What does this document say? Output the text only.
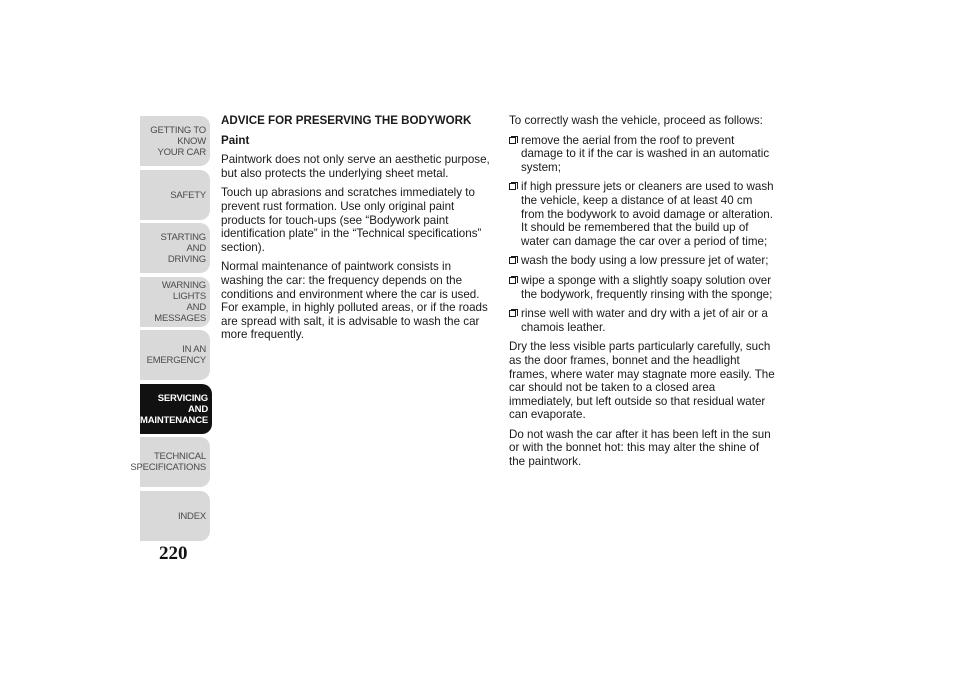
GETTING TO KNOW
YOUR CAR
SAFETY
STARTING AND
DRIVING
WARNING LIGHTS
AND MESSAGES
IN AN EMERGENCY
SERVICING AND
MAINTENANCE
TECHNICAL
SPECIFICATIONS
INDEX
220
ADVICE FOR PRESERVING THE BODYWORK
Paint

Paintwork does not only serve an aesthetic purpose, but also protects the underlying sheet metal.

Touch up abrasions and scratches immediately to prevent rust formation. Use only original paint products for touch-ups (see “Bodywork paint identification plate” in the “Technical specifications” section).

Normal maintenance of paintwork consists in washing the car: the frequency depends on the conditions and environment where the car is used. For example, in highly polluted areas, or if the roads are spread with salt, it is advisable to wash the car more frequently.

To correctly wash the vehicle, proceed as follows:

remove the aerial from the roof to prevent damage to it if the car is washed in an automatic system;
if high pressure jets or cleaners are used to wash the vehicle, keep a distance of at least 40 cm from the bodywork to avoid damage or alteration. It should be remembered that the build up of water can damage the car over a period of time;
wash the body using a low pressure jet of water;
wipe a sponge with a slightly soapy solution over the bodywork, frequently rinsing with the sponge;
rinse well with water and dry with a jet of air or a chamois leather.

Dry the less visible parts particularly carefully, such as the door frames, bonnet and the headlight frames, where water may stagnate more easily. The car should not be taken to a closed area immediately, but left outside so that residual water can evaporate.

Do not wash the car after it has been left in the sun or with the bonnet hot: this may alter the shine of the paintwork.
